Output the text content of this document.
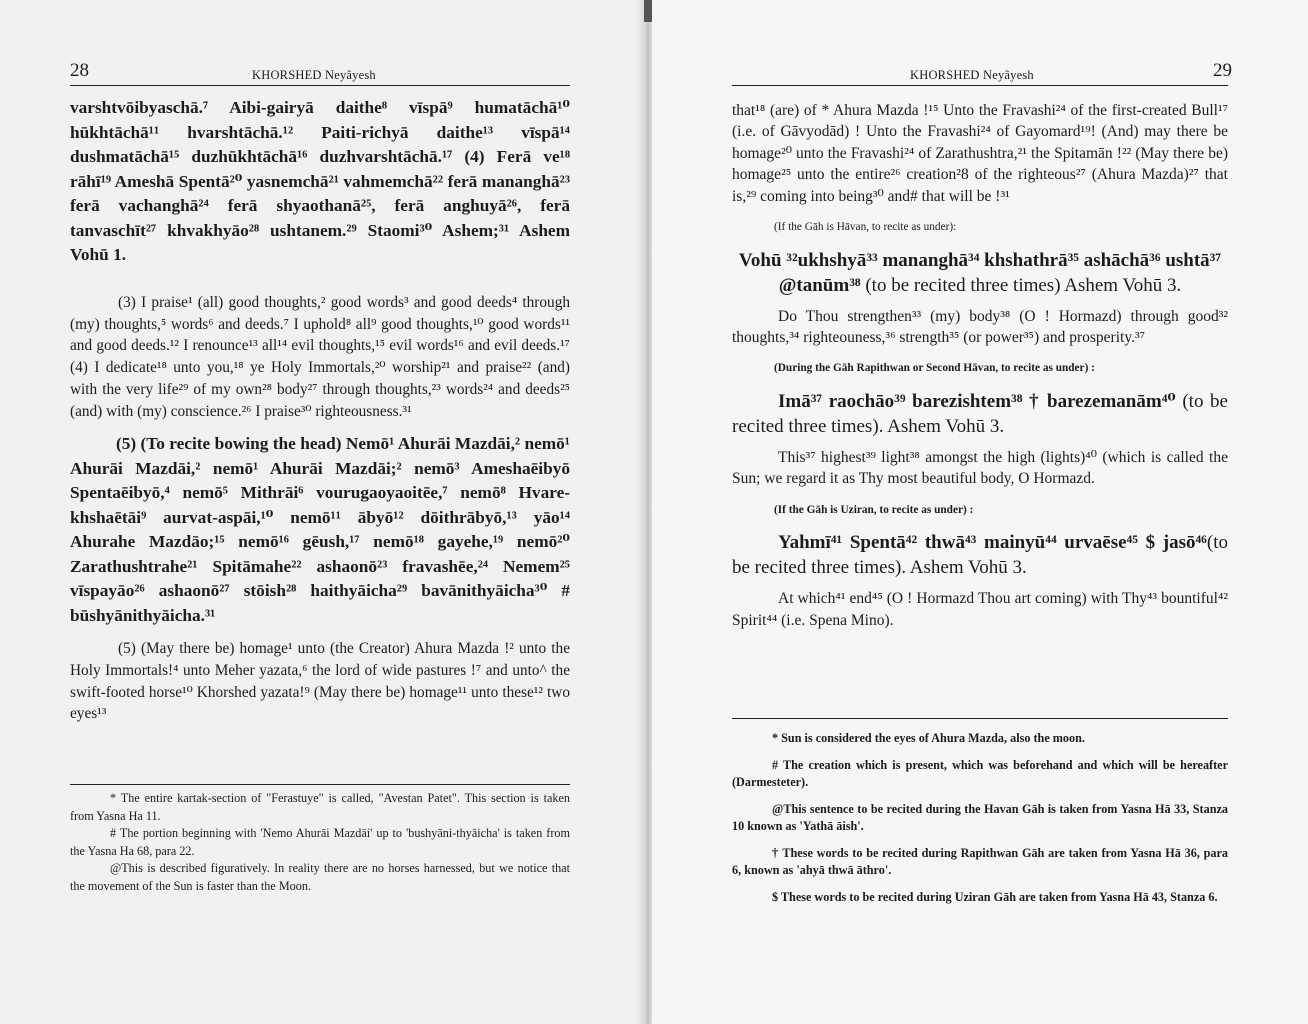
28	KHORSHED Neyâyesh

varshtvōibyaschā.⁷ Aibi-gairyā daithe⁸ vīspā⁹ humatāchā¹⁰ hūkhtāchā¹¹ hvarshtāchā.¹² Paiti-richyā daithe¹³ vīspā¹⁴ dushmatāchā¹⁵ duzhūkhtāchā¹⁶ duzhvarshtāchā.¹⁷ (4) Ferā ve¹⁸ rāhī¹⁹ Ameshā Spentā²⁰ yasnemchā²¹ vahmemchā²² ferā mananghā²³ ferā vachanghā²⁴ ferā shyaothanā²⁵, ferā anghuyā²⁶, ferā tanvaschīt²⁷ khvakhyāo²⁸ ushtanem.²⁹ Staomi³⁰ Ashem;³¹ Ashem Vohū 1.

(3) I praise¹ (all) good thoughts,² good words³ and good deeds⁴ through (my) thoughts,⁵ words⁶ and deeds.⁷ I uphold⁸ all⁹ good thoughts,¹⁰ good words¹¹ and good deeds.¹² I renounce¹³ all¹⁴ evil thoughts,¹⁵ evil words¹⁶ and evil deeds.¹⁷ (4) I dedicate¹⁸ unto you,¹⁸ ye Holy Immortals,²⁰ worship²¹ and praise²² (and) with the very life²⁹ of my own²⁸ body²⁷ through thoughts,²³ words²⁴ and deeds²⁵ (and) with (my) conscience.²⁶ I praise³⁰ righteousness.³¹

(5) (To recite bowing the head) Nemō¹ Ahurāi Mazdāi,² nemō¹ Ahurāi Mazdāi,² nemō¹ Ahurāi Mazdāi;² nemō³ Ameshaēibyō Spentaēibyō,⁴ nemō⁵ Mithrāi⁶ vourugaoyaoitēe,⁷ nemō⁸ Hvare-khshaētāi⁹ aurvat-aspāi,¹⁰ nemō¹¹ ābyō¹² dōithrābyō,¹³ yāo¹⁴ Ahurahe Mazdāo;¹⁵ nemō¹⁶ gēush,¹⁷ nemō¹⁸ gayehe,¹⁹ nemō²⁰ Zarathushtrahe²¹ Spitāmahe²² ashaonō²³ fravashēe,²⁴ Nemem²⁵ vīspayāo²⁶ ashaonō²⁷ stōish²⁸ haithyāicha²⁹ bavānithyāicha³⁰ # būshyānithyāicha.³¹

(5) (May there be) homage¹ unto (the Creator) Ahura Mazda !² unto the Holy Immortals!⁴ unto Meher yazata,⁶ the lord of wide pastures !⁷ and unto^ the swift-footed horse¹⁰ Khorshed yazata!⁹ (May there be) homage¹¹ unto these¹² two eyes¹³

* The entire kartak-section of "Ferastuye" is called, "Avestan Patet". This section is taken from Yasna Ha 11.

# The portion beginning with 'Nemo Ahurāi Mazdāi' up to 'bushyāni-thyāicha' is taken from the Yasna Ha 68, para 22.

@This is described figuratively. In reality there are no horses harnessed, but we notice that the movement of the Sun is faster than the Moon.

29
KHORSHED Neyâyesh

that¹⁸ (are) of * Ahura Mazda !¹⁵ Unto the Fravashi²⁴ of the first-created Bull¹⁷ (i.e. of Gāvyodād) ! Unto the Fravashi²⁴ of Gayomard¹⁹! (And) may there be homage²⁰ unto the Fravashi²⁴ of Zarathushtra,²¹ the Spitamān !²² (May there be) homage²⁵ unto the entire²⁶ creation²8 of the righteous²⁷ (Ahura Mazda)²⁷ that is,²⁹ coming into being³⁰ and# that will be !³¹

(If the Gāh is Hāvan, to recite as under):

Vohū ³²ukhshyā³³ mananghā³⁴ khshathrā³⁵ ashāchā³⁶ ushtā³⁷ @tanūm³⁸ (to be recited three times) Ashem Vohū 3.

Do Thou strengthen³³ (my) body³⁸ (O ! Hormazd) through good³² thoughts,³⁴ righteouness,³⁶ strength³⁵ (or power³⁵) and prosperity.³⁷

(During the Gāh Rapithwan or Second Hāvan, to recite as under) :

Imā³⁷ raochāo³⁹ barezishtem³⁸ † barezemanām⁴⁰ (to be recited three times). Ashem Vohū 3.

This³⁷ highest³⁹ light³⁸ amongst the high (lights)⁴⁰ (which is called the Sun; we regard it as Thy most beautiful body, O Hormazd.

(If the Gāh is Uziran, to recite as under) :

Yahmī⁴¹ Spentā⁴² thwā⁴³ mainyū⁴⁴ urvaēse⁴⁵ $ jasō⁴⁶(to be recited three times). Ashem Vohū 3.

At which⁴¹ end⁴⁵ (O ! Hormazd Thou art coming) with Thy⁴³ bountiful⁴² Spirit⁴⁴ (i.e. Spena Mino).

* Sun is considered the eyes of Ahura Mazda, also the moon.

# The creation which is present, which was beforehand and which will be hereafter (Darmesteter).

@This sentence to be recited during the Havan Gāh is taken from Yasna Hā 33, Stanza 10 known as 'Yathā āish'.

† These words to be recited during Rapithwan Gāh are taken from Yasna Hā 36, para 6, known as 'ahyā thwā āthro'.

$ These words to be recited during Uziran Gāh are taken from Yasna Hā 43, Stanza 6.
